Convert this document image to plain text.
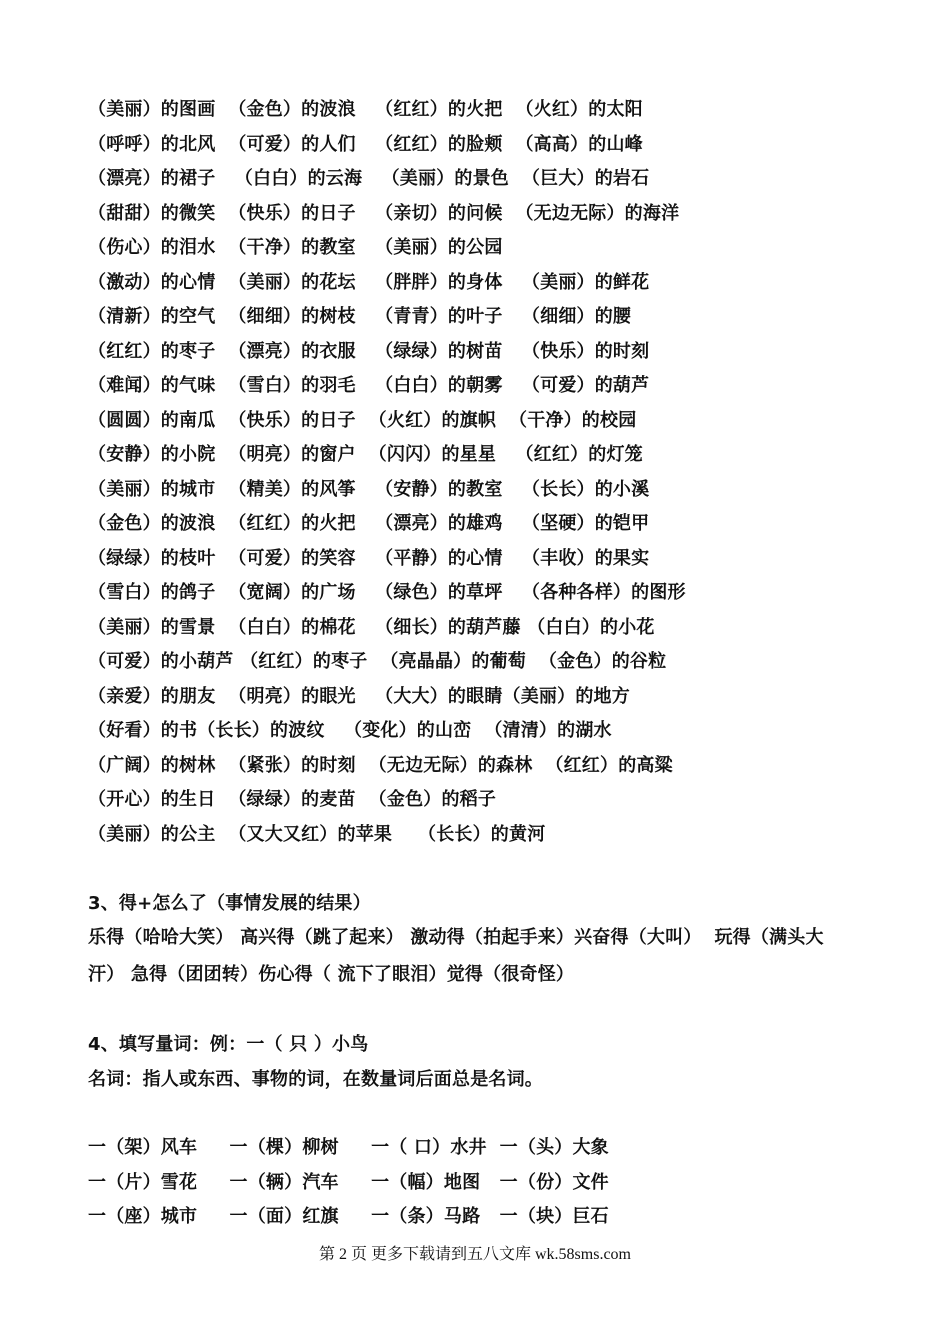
（美丽）的图画  （金色）的波浪   （红红）的火把  （火红）的太阳
（呼呼）的北风  （可爱）的人们   （红红）的脸颊  （高高）的山峰
（漂亮）的裙子   （白白）的云海   （美丽）的景色  （巨大）的岩石
（甜甜）的微笑  （快乐）的日子   （亲切）的问候  （无边无际）的海洋
（伤心）的泪水  （干净）的教室   （美丽）的公园
（激动）的心情  （美丽）的花坛   （胖胖）的身体   （美丽）的鲜花
（清新）的空气  （细细）的树枝   （青青）的叶子   （细细）的腰
（红红）的枣子  （漂亮）的衣服   （绿绿）的树苗   （快乐）的时刻
（难闻）的气味  （雪白）的羽毛   （白白）的朝雾   （可爱）的葫芦
（圆圆）的南瓜  （快乐）的日子  （火红）的旗帜  （干净）的校园
（安静）的小院  （明亮）的窗户  （闪闪）的星星   （红红）的灯笼
（美丽）的城市  （精美）的风筝   （安静）的教室   （长长）的小溪
（金色）的波浪  （红红）的火把   （漂亮）的雄鸡   （坚硬）的铠甲
（绿绿）的枝叶  （可爱）的笑容   （平静）的心情   （丰收）的果实
（雪白）的鸽子  （宽阔）的广场   （绿色）的草坪   （各种各样）的图形
（美丽）的雪景  （白白）的棉花   （细长）的葫芦藤 （白白）的小花
（可爱）的小葫芦 （红红）的枣子  （亮晶晶）的葡萄  （金色）的谷粒
（亲爱）的朋友  （明亮）的眼光   （大大）的眼睛（美丽）的地方
（好看）的书（长长）的波纹   （变化）的山峦  （清清）的湖水
（广阔）的树林  （紧张）的时刻  （无边无际）的森林  （红红）的高粱
（开心）的生日  （绿绿）的麦苗  （金色）的稻子
（美丽）的公主  （又大又红）的苹果    （长长）的黄河
3、得+怎么了（事情发展的结果）
乐得（哈哈大笑） 高兴得（跳了起来） 激动得（拍起手来）兴奋得（大叫）  玩得（满头大
汗） 急得（团团转）伤心得（ 流下了眼泪）觉得（很奇怪）
4、填写量词：例：一（ 只 ）小鸟
名词：指人或东西、事物的词，在数量词后面总是名词。
一（架）风车     一（棵）柳树     一（ 口）水井  一（头）大象
一（片）雪花     一（辆）汽车     一（幅）地图   一（份）文件
一（座）城市     一（面）红旗     一（条）马路   一（块）巨石
第 2 页 更多下载请到五八文库 wk.58sms.com
